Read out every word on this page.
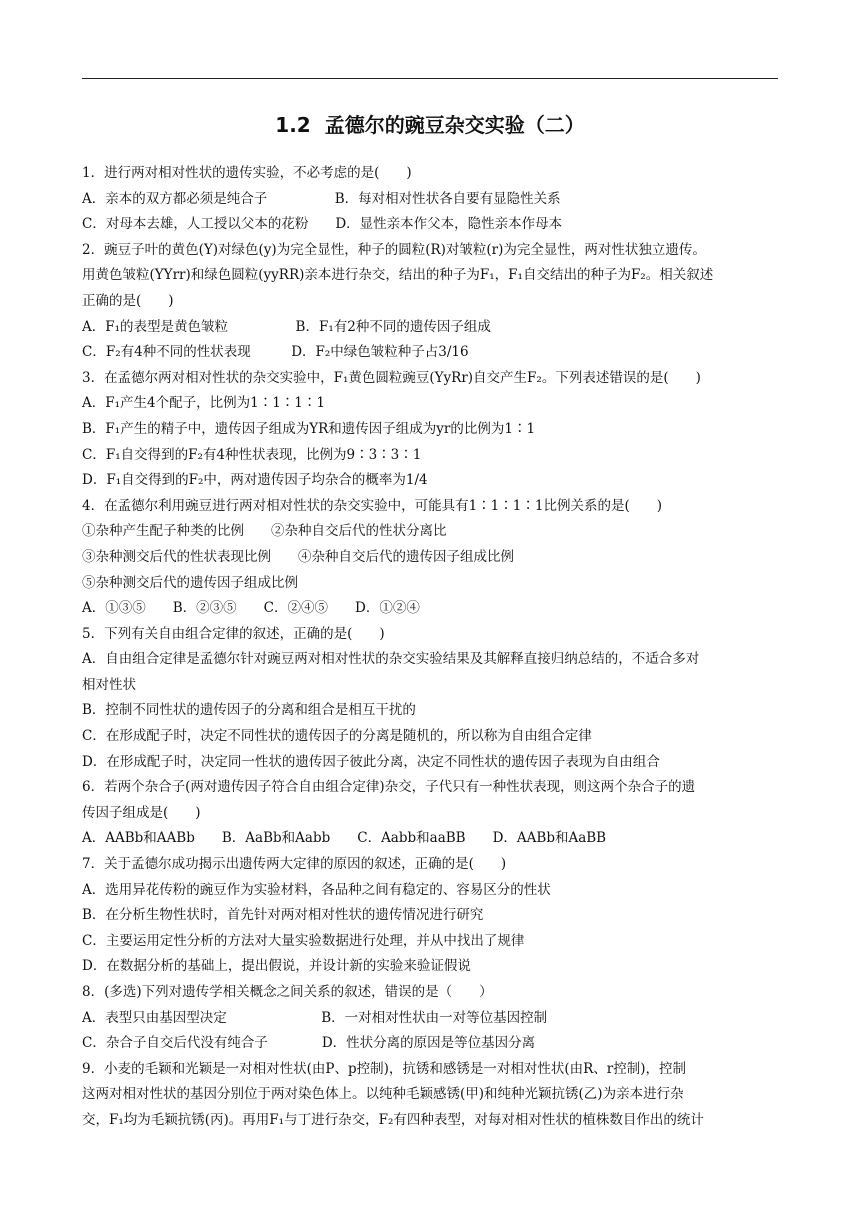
1.2 孟德尔的豌豆杂交实验（二）
1．进行两对相对性状的遗传实验，不必考虑的是(　　)
A．亲本的双方都必须是纯合子　　　　　B．每对相对性状各自要有显隐性关系
C．对母本去雄，人工授以父本的花粉　　D．显性亲本作父本，隐性亲本作母本
2．豌豆子叶的黄色(Y)对绿色(y)为完全显性，种子的圆粒(R)对皱粒(r)为完全显性，两对性状独立遗传。
用黄色皱粒(YYrr)和绿色圆粒(yyRR)亲本进行杂交，结出的种子为F₁，F₁自交结出的种子为F₂。相关叙述
正确的是(　　)
A．F₁的表型是黄色皱粒　　　　　B．F₁有2种不同的遗传因子组成
C．F₂有4种不同的性状表现　　　D．F₂中绿色皱粒种子占3/16
3．在孟德尔两对相对性状的杂交实验中，F₁黄色圆粒豌豆(YyRr)自交产生F₂。下列表述错误的是(　　)
A．F₁产生4个配子，比例为1∶1∶1∶1
B．F₁产生的精子中，遗传因子组成为YR和遗传因子组成为yr的比例为1∶1
C．F₁自交得到的F₂有4种性状表现，比例为9∶3∶3∶1
D．F₁自交得到的F₂中，两对遗传因子均杂合的概率为1/4
4．在孟德尔利用豌豆进行两对相对性状的杂交实验中，可能具有1∶1∶1∶1比例关系的是(　　)
①杂种产生配子种类的比例　　②杂种自交后代的性状分离比
③杂种测交后代的性状表现比例　　④杂种自交后代的遗传因子组成比例
⑤杂种测交后代的遗传因子组成比例
A．①③⑤　　B．②③⑤　　C．②④⑤　　D．①②④
5．下列有关自由组合定律的叙述，正确的是(　　)
A．自由组合定律是孟德尔针对豌豆两对相对性状的杂交实验结果及其解释直接归纳总结的，不适合多对
相对性状
B．控制不同性状的遗传因子的分离和组合是相互干扰的
C．在形成配子时，决定不同性状的遗传因子的分离是随机的，所以称为自由组合定律
D．在形成配子时，决定同一性状的遗传因子彼此分离，决定不同性状的遗传因子表现为自由组合
6．若两个杂合子(两对遗传因子符合自由组合定律)杂交，子代只有一种性状表现，则这两个杂合子的遗
传因子组成是(　　)
A．AABb和AABb　　B．AaBb和Aabb　　C．Aabb和aaBB　　D．AABb和AaBB
7．关于孟德尔成功揭示出遗传两大定律的原因的叙述，正确的是(　　)
A．选用异花传粉的豌豆作为实验材料，各品种之间有稳定的、容易区分的性状
B．在分析生物性状时，首先针对两对相对性状的遗传情况进行研究
C．主要运用定性分析的方法对大量实验数据进行处理，并从中找出了规律
D．在数据分析的基础上，提出假说，并设计新的实验来验证假说
8．(多选)下列对遗传学相关概念之间关系的叙述，错误的是（　　）
A．表型只由基因型决定　　　　　　　B．一对相对性状由一对等位基因控制
C．杂合子自交后代没有纯合子　　　　D．性状分离的原因是等位基因分离
9．小麦的毛颖和光颖是一对相对性状(由P、p控制)，抗锈和感锈是一对相对性状(由R、r控制)，控制
这两对相对性状的基因分别位于两对染色体上。以纯种毛颖感锈(甲)和纯种光颖抗锈(乙)为亲本进行杂
交，F₁均为毛颖抗锈(丙)。再用F₁与丁进行杂交，F₂有四种表型，对每对相对性状的植株数目作出的统计
